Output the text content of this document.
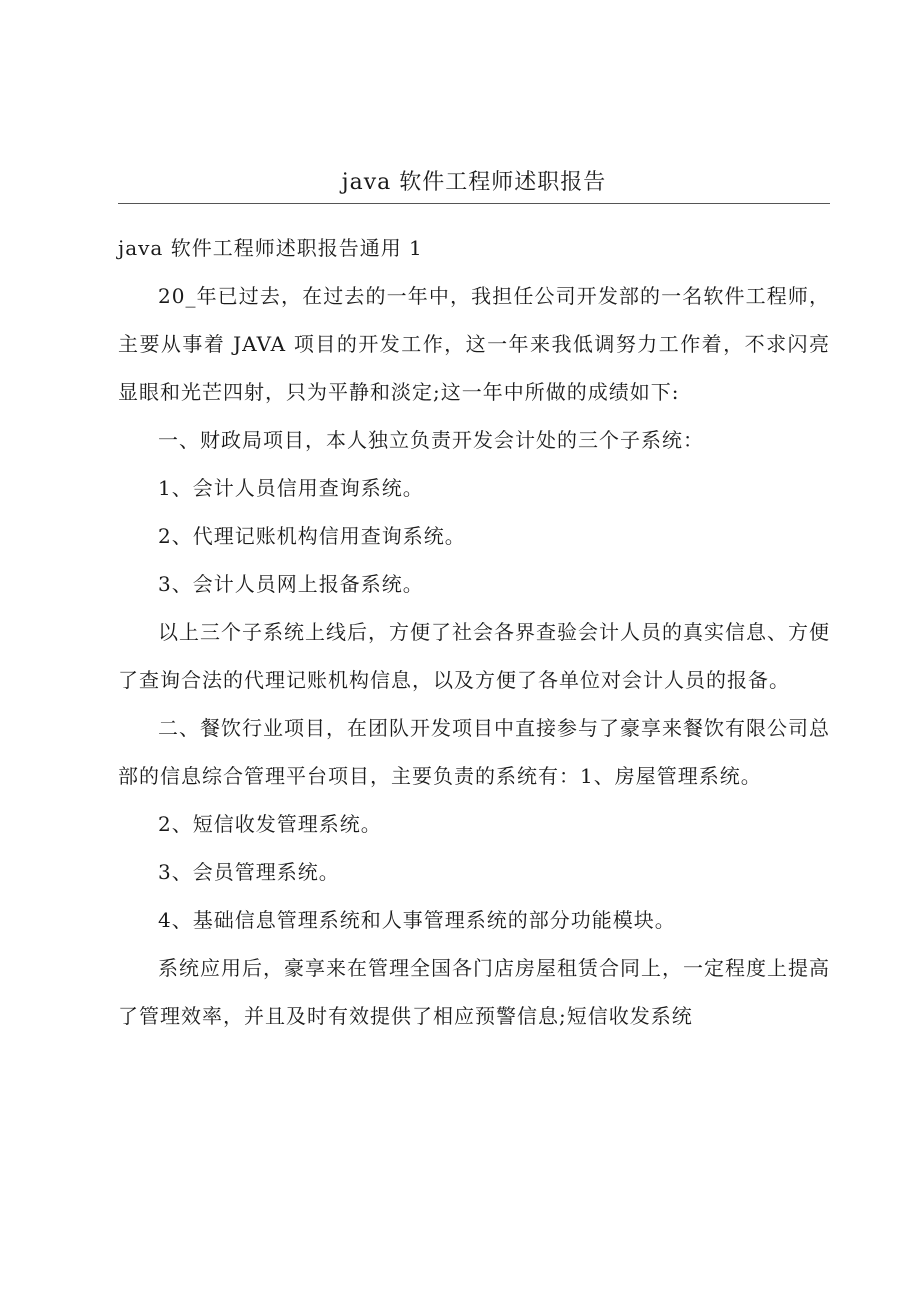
java 软件工程师述职报告

java 软件工程师述职报告通用 1

20_年已过去，在过去的一年中，我担任公司开发部的一名软件工程师，主要从事着 JAVA 项目的开发工作，这一年来我低调努力工作着，不求闪亮显眼和光芒四射，只为平静和淡定;这一年中所做的成绩如下:

一、财政局项目，本人独立负责开发会计处的三个子系统：

1、会计人员信用查询系统。

2、代理记账机构信用查询系统。

3、会计人员网上报备系统。

以上三个子系统上线后，方便了社会各界查验会计人员的真实信息、方便了查询合法的代理记账机构信息，以及方便了各单位对会计人员的报备。

二、餐饮行业项目，在团队开发项目中直接参与了豪享来餐饮有限公司总部的信息综合管理平台项目，主要负责的系统有：1、房屋管理系统。

2、短信收发管理系统。

3、会员管理系统。

4、基础信息管理系统和人事管理系统的部分功能模块。

系统应用后，豪享来在管理全国各门店房屋租赁合同上，一定程度上提高了管理效率，并且及时有效提供了相应预警信息;短信收发系统
